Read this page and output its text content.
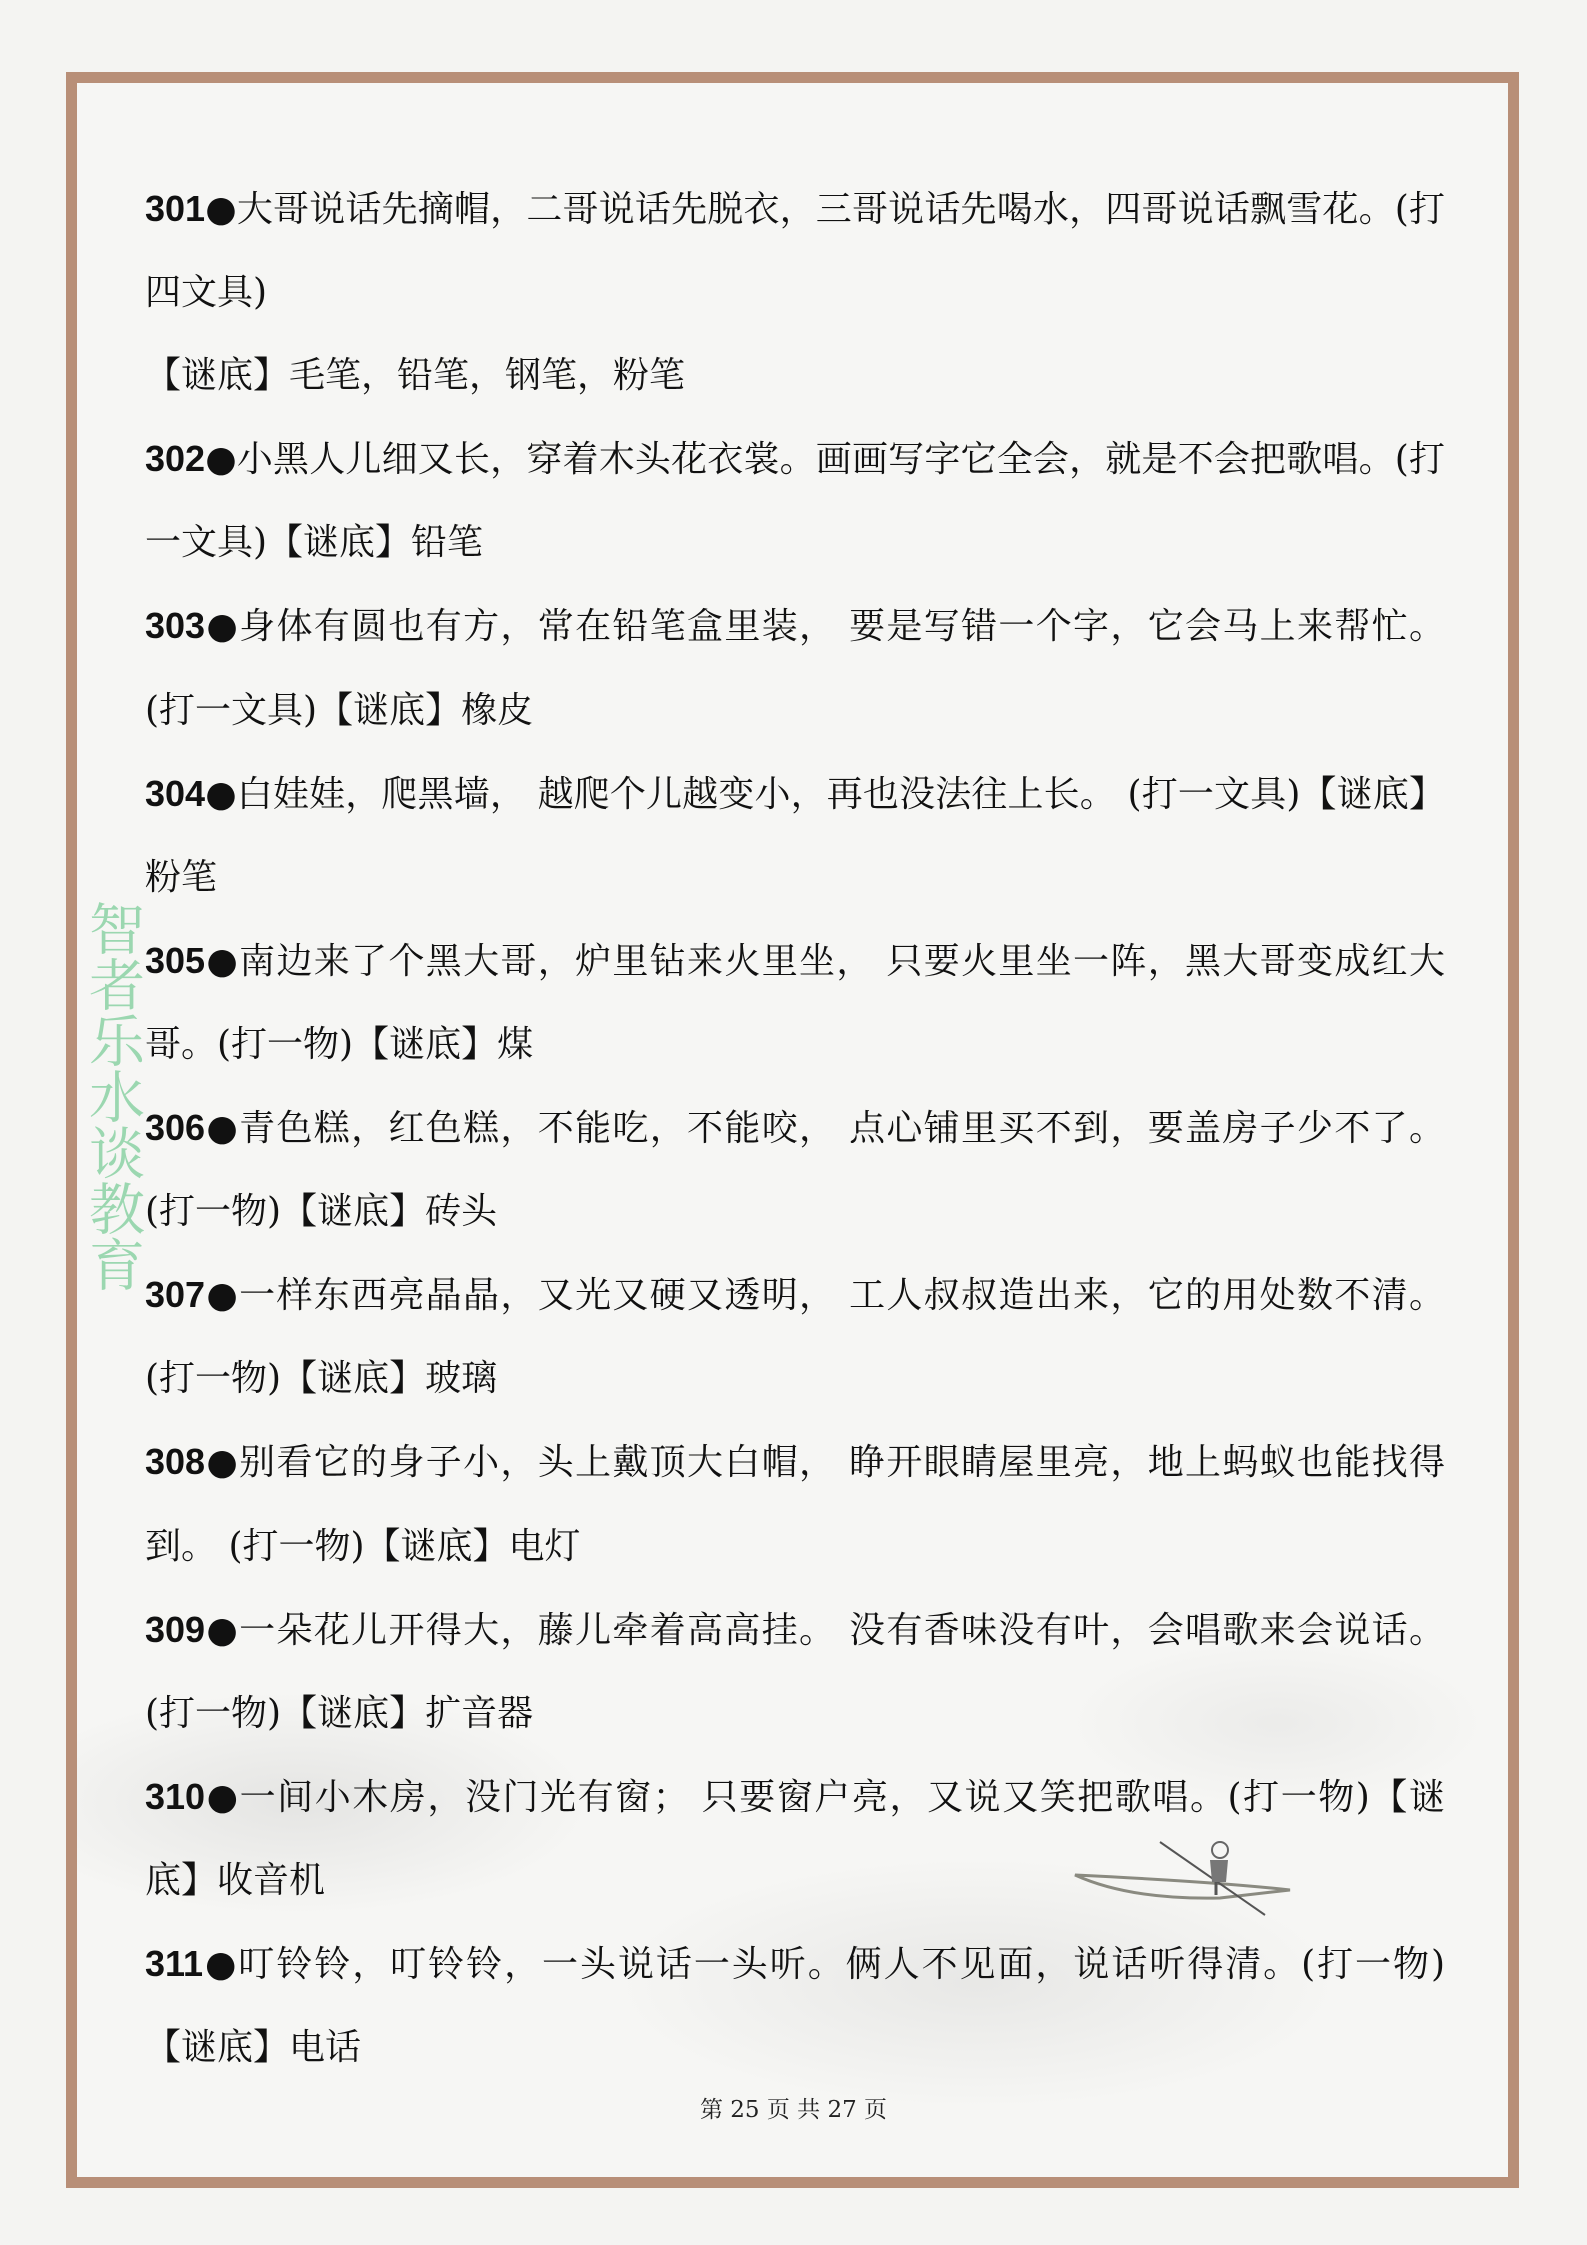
301●大哥说话先摘帽，二哥说话先脱衣，三哥说话先喝水，四哥说话飘雪花。(打四文具)
【谜底】毛笔，铅笔，钢笔，粉笔

302●小黑人儿细又长，穿着木头花衣裳。画画写字它全会，就是不会把歌唱。(打一文具)【谜底】铅笔

303●身体有圆也有方，常在铅笔盒里装， 要是写错一个字，它会马上来帮忙。(打一文具)【谜底】橡皮

304●白娃娃，爬黑墙， 越爬个儿越变小，再也没法往上长。 (打一文具)【谜底】粉笔

305●南边来了个黑大哥，炉里钻来火里坐， 只要火里坐一阵，黑大哥变成红大哥。(打一物)【谜底】煤

306●青色糕，红色糕，不能吃，不能咬， 点心铺里买不到，要盖房子少不了。(打一物)【谜底】砖头

307●一样东西亮晶晶，又光又硬又透明， 工人叔叔造出来，它的用处数不清。(打一物)【谜底】玻璃

308●别看它的身子小，头上戴顶大白帽， 睁开眼睛屋里亮，地上蚂蚁也能找得到。 (打一物)【谜底】电灯

309●一朵花儿开得大，藤儿牵着高高挂。 没有香味没有叶，会唱歌来会说话。(打一物)【谜底】扩音器

310●一间小木房，没门光有窗； 只要窗户亮，又说又笑把歌唱。(打一物)【谜底】收音机

311●叮铃铃，叮铃铃，一头说话一头听。俩人不见面，说话听得清。(打一物)【谜底】电话

第 25 页 共 27 页
智者乐水谈教育
